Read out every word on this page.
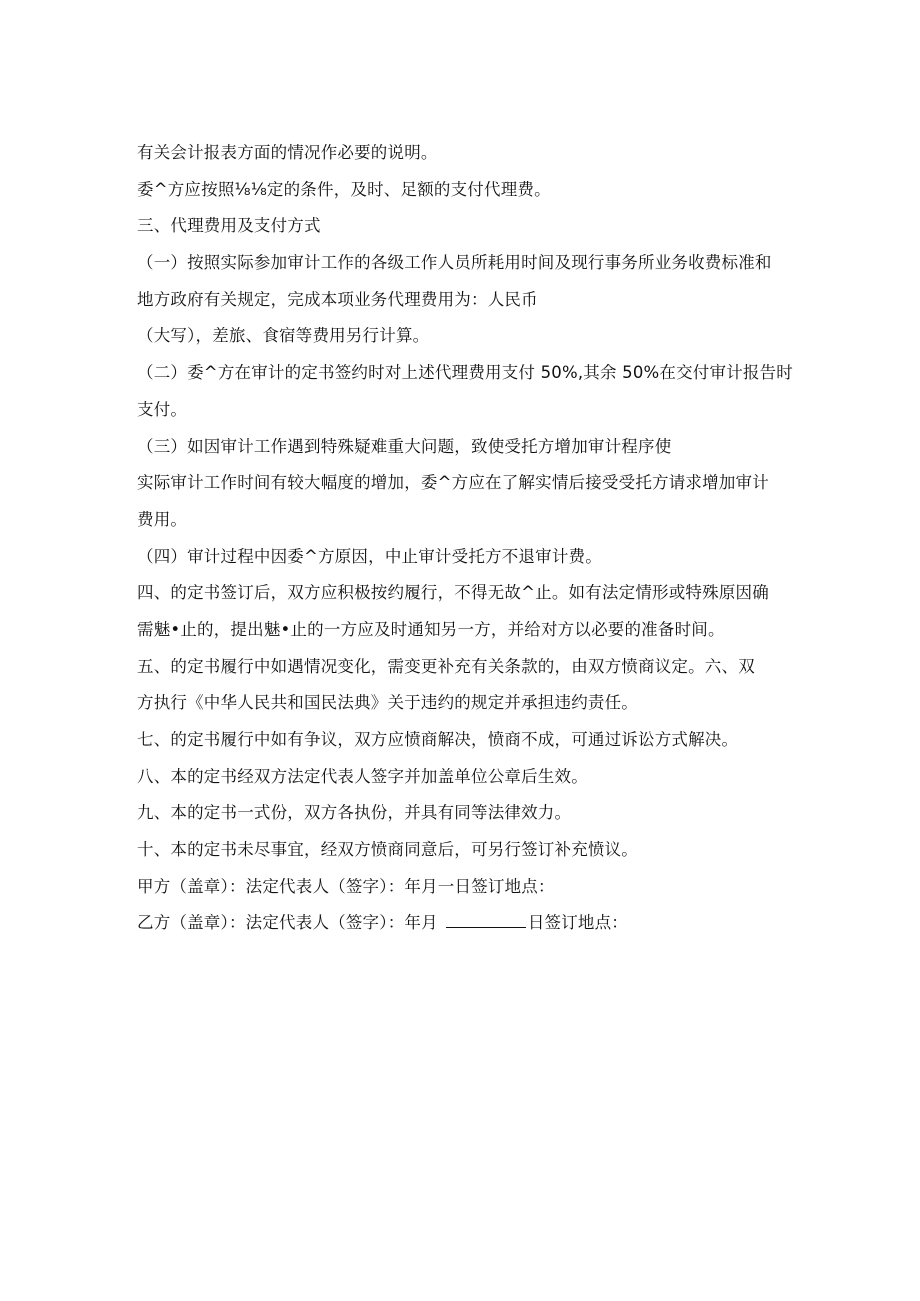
有关会计报表方面的情况作必要的说明。
委^方应按照⅛⅛定的条件，及时、足额的支付代理费。
三、代理费用及支付方式
（一）按照实际参加审计工作的各级工作人员所耗用时间及现行事务所业务收费标准和
地方政府有关规定，完成本项业务代理费用为：人民币
（大写），差旅、食宿等费用另行计算。
（二）委^方在审计的定书签约时对上述代理费用支付 50%,其余 50%在交付审计报告时
支付。
（三）如因审计工作遇到特殊疑难重大问题，致使受托方增加审计程序使
实际审计工作时间有较大幅度的增加，委^方应在了解实情后接受受托方请求增加审计
费用。
（四）审计过程中因委^方原因，中止审计受托方不退审计费。
四、的定书签订后，双方应积极按约履行，不得无故^止。如有法定情形或特殊原因确
需魅•止的，提出魅•止的一方应及时通知另一方，并给对方以必要的准备时间。
五、的定书履行中如遇情况变化，需变更补充有关条款的，由双方愤商议定。六、双
方执行《中华人民共和国民法典》关于违约的规定并承担违约责任。
七、的定书履行中如有争议，双方应愤商解决，愤商不成，可通过诉讼方式解决。
八、本的定书经双方法定代表人签字并加盖单位公章后生效。
九、本的定书一式份，双方各执份，并具有同等法律效力。
十、本的定书未尽事宜，经双方愤商同意后，可另行签订补充愤议。
甲方（盖章）：法定代表人（签字）：年月一日签订地点：
乙方（盖章）：法定代表人（签字）：年月	日签订地点：
